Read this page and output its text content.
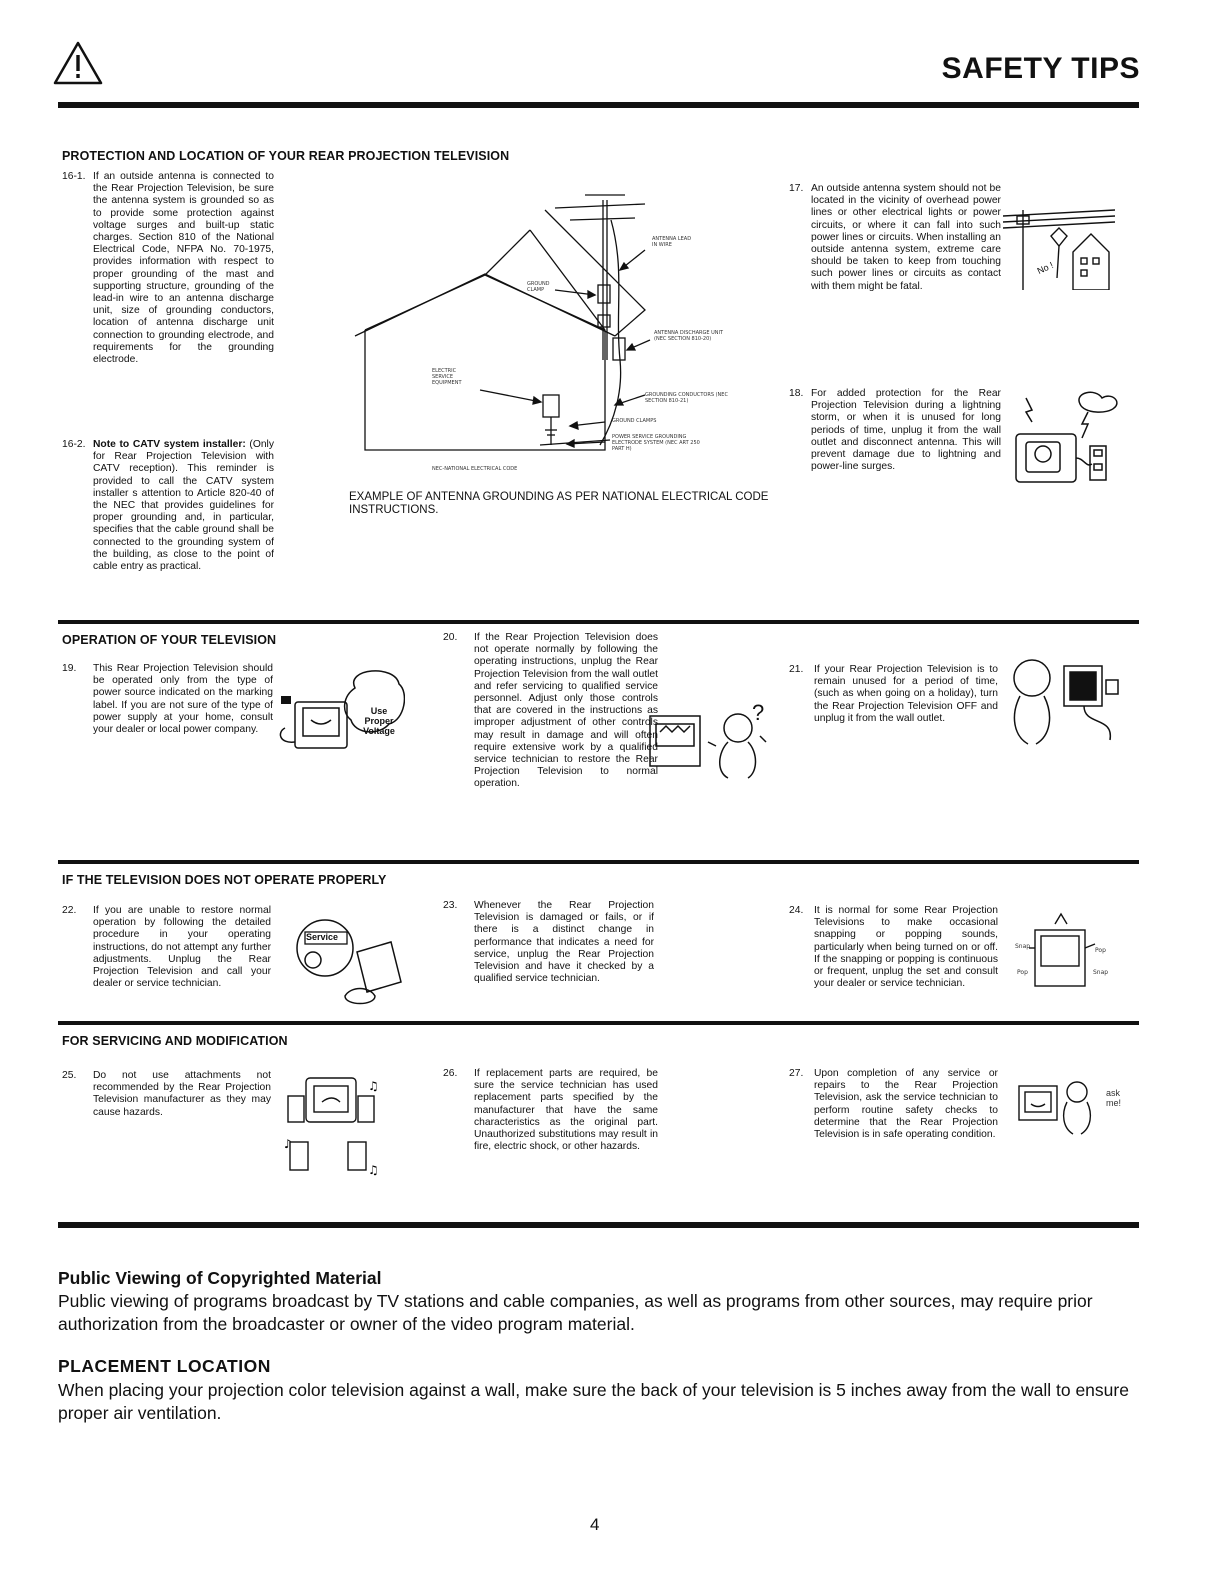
SAFETY TIPS
PROTECTION AND LOCATION OF YOUR REAR PROJECTION TELEVISION
16-1. If an outside antenna is connected to the Rear Projection Television, be sure the antenna system is grounded so as to provide some protection against voltage surges and built-up static charges. Section 810 of the National Electrical Code, NFPA No. 70-1975, provides information with respect to proper grounding of the mast and supporting structure, grounding of the lead-in wire to an antenna discharge unit, size of grounding conductors, location of antenna discharge unit connection to grounding electrode, and requirements for the grounding electrode.
16-2. Note to CATV system installer: (Only for Rear Projection Television with CATV reception). This reminder is provided to call the CATV system installer s attention to Article 820-40 of the NEC that provides guidelines for proper grounding and, in particular, specifies that the cable ground shall be connected to the grounding system of the building, as close to the point of cable entry as practical.
ANTENNA LEAD IN WIRE
GROUND CLAMP
ANTENNA DISCHARGE UNIT (NEC SECTION 810-20)
ELECTRIC SERVICE EQUIPMENT
GROUNDING CONDUCTORS (NEC SECTION 810-21)
GROUND CLAMPS
POWER SERVICE GROUNDING ELECTRODE SYSTEM (NEC ART 250 PART H)
NEC-NATIONAL ELECTRICAL CODE
EXAMPLE OF ANTENNA GROUNDING AS PER NATIONAL ELECTRICAL CODE INSTRUCTIONS.
17. An outside antenna system should not be located in the vicinity of overhead power lines or other electrical lights or power circuits, or where it can fall into such power lines or circuits. When installing an outside antenna system, extreme care should be taken to keep from touching such power lines or circuits as contact with them might be fatal.
No !
18. For added protection for the Rear Projection Television during a lightning storm, or when it is unused for long periods of time, unplug it from the wall outlet and disconnect antenna. This will prevent damage due to lightning and power-line surges.
OPERATION OF YOUR TELEVISION
19. This Rear Projection Television should be operated only from the type of power source indicated on the marking label. If you are not sure of the type of power supply at your home, consult your dealer or local power company.
Use
Proper
Voltage
20. If the Rear Projection Television does not operate normally by following the operating instructions, unplug the Rear Projection Television from the wall outlet and refer servicing to qualified service personnel. Adjust only those controls that are covered in the instructions as improper adjustment of other controls may result in damage and will often require extensive work by a qualified service technician to restore the Rear Projection Television to normal operation.
?
21. If your Rear Projection Television is to remain unused for a period of time, (such as when going on a holiday), turn the Rear Projection Television OFF and unplug it from the wall outlet.
IF THE TELEVISION DOES NOT OPERATE PROPERLY
22. If you are unable to restore normal operation by following the detailed procedure in your operating instructions, do not attempt any further adjustments. Unplug the Rear Projection Television and call your dealer or service technician.
Service
23. Whenever the Rear Projection Television is damaged or fails, or if there is a distinct change in performance that indicates a need for service, unplug the Rear Projection Television and have it checked by a qualified service technician.
24. It is normal for some Rear Projection Televisions to make occasional snapping or popping sounds, particularly when being turned on or off. If the snapping or popping is continuous or frequent, unplug the set and consult your dealer or service technician.
Snap
Pop
Pop	Snap
FOR SERVICING AND MODIFICATION
25. Do not use attachments not recommended by the Rear Projection Television manufacturer as they may cause hazards.
♫
♪
♫
26. If replacement parts are required, be sure the service technician has used replacement parts specified by the manufacturer that have the same characteristics as the original part. Unauthorized substitutions may result in fire, electric shock, or other hazards.
27. Upon completion of any service or repairs to the Rear Projection Television, ask the service technician to perform routine safety checks to determine that the Rear Projection Television is in safe operating condition.
ask
me!
Public Viewing of Copyrighted Material
Public viewing of programs broadcast by TV stations and cable companies, as well as programs from other sources, may require prior authorization from the broadcaster or owner of the video program material.
PLACEMENT LOCATION
When placing your projection color television against a wall, make sure the back of your television is 5 inches away from the wall to ensure proper air ventilation.
4
